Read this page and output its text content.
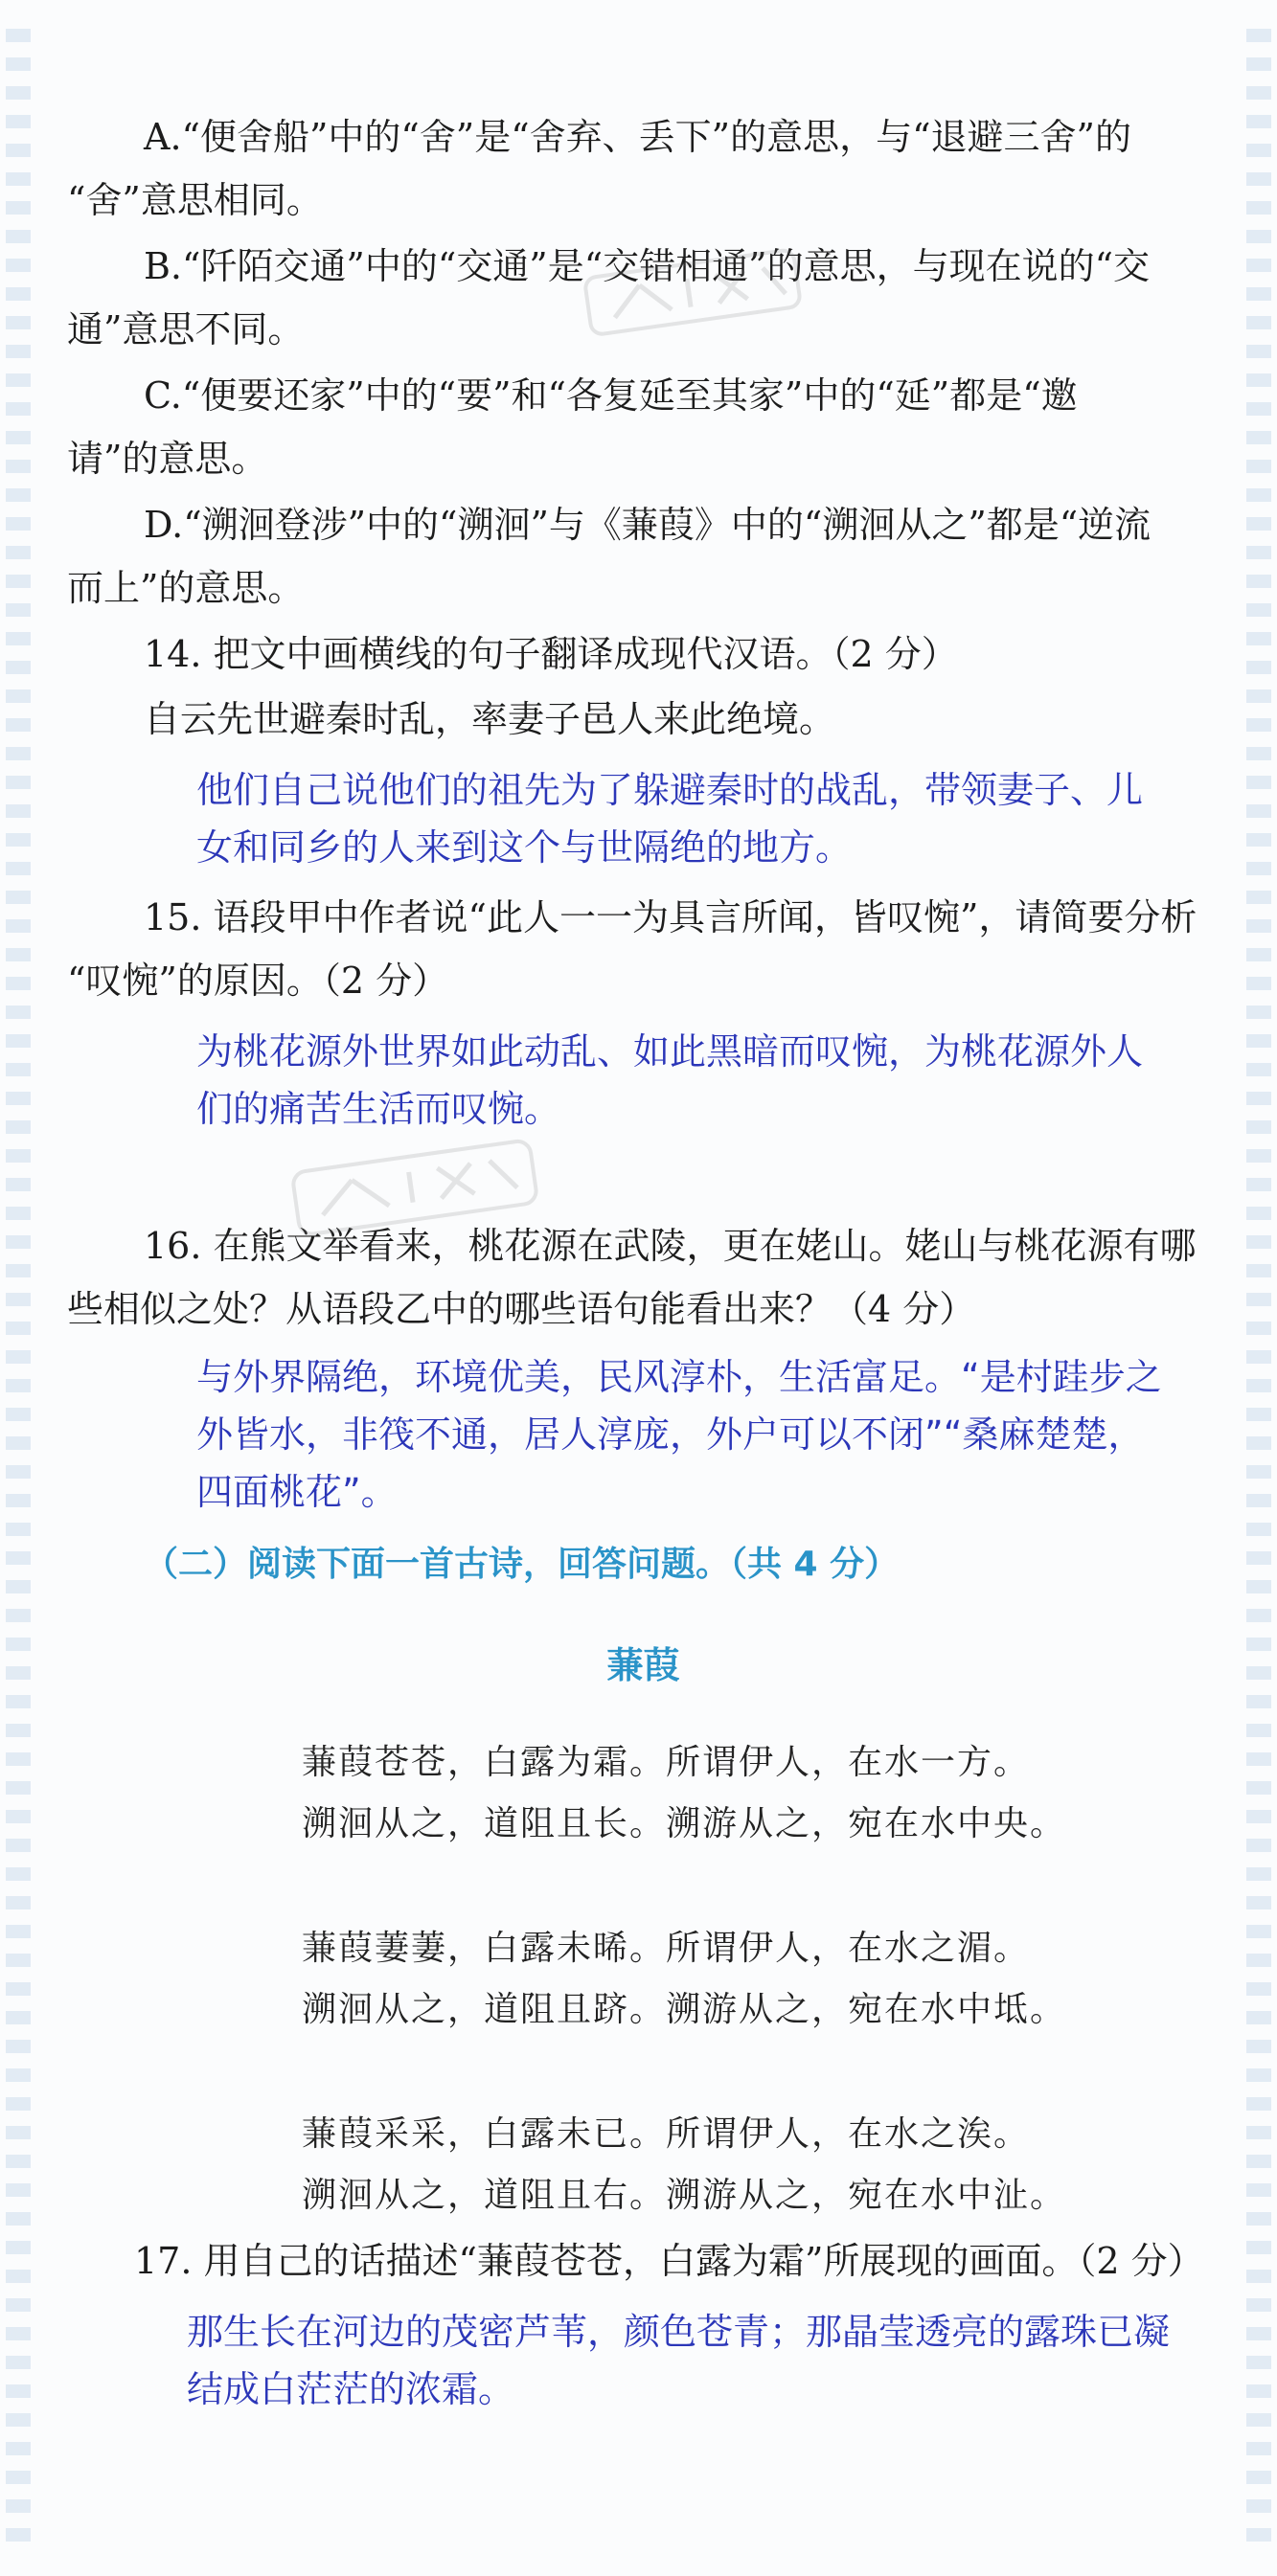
A.“便舍船”中的“舍”是“舍弃、丢下”的意思，与“退避三舍”的
“舍”意思相同。
B.“阡陌交通”中的“交通”是“交错相通”的意思，与现在说的“交
通”意思不同。
C.“便要还家”中的“要”和“各复延至其家”中的“延”都是“邀
请”的意思。
D.“溯洄登涉”中的“溯洄”与《蒹葭》中的“溯洄从之”都是“逆流
而上”的意思。
14. 把文中画横线的句子翻译成现代汉语。（2 分）
自云先世避秦时乱，率妻子邑人来此绝境。
他们自己说他们的祖先为了躲避秦时的战乱，带领妻子、儿
女和同乡的人来到这个与世隔绝的地方。
15. 语段甲中作者说“此人一一为具言所闻，皆叹惋”，请简要分析
“叹惋”的原因。（2 分）
为桃花源外世界如此动乱、如此黑暗而叹惋，为桃花源外人
们的痛苦生活而叹惋。
16. 在熊文举看来，桃花源在武陵，更在姥山。姥山与桃花源有哪
些相似之处？从语段乙中的哪些语句能看出来？（4 分）
与外界隔绝，环境优美，民风淳朴，生活富足。“是村跬步之
外皆水，非筏不通，居人淳庞，外户可以不闭”“桑麻楚楚，
四面桃花”。
（二）阅读下面一首古诗，回答问题。（共 4 分）
蒹葭
蒹葭苍苍，白露为霜。所谓伊人，在水一方。
溯洄从之，道阻且长。溯游从之，宛在水中央。
蒹葭萋萋，白露未晞。所谓伊人，在水之湄。
溯洄从之，道阻且跻。溯游从之，宛在水中坻。
蒹葭采采，白露未已。所谓伊人，在水之涘。
溯洄从之，道阻且右。溯游从之，宛在水中沚。
17. 用自己的话描述“蒹葭苍苍，白露为霜”所展现的画面。（2 分）
那生长在河边的茂密芦苇，颜色苍青；那晶莹透亮的露珠已凝
结成白茫茫的浓霜。
